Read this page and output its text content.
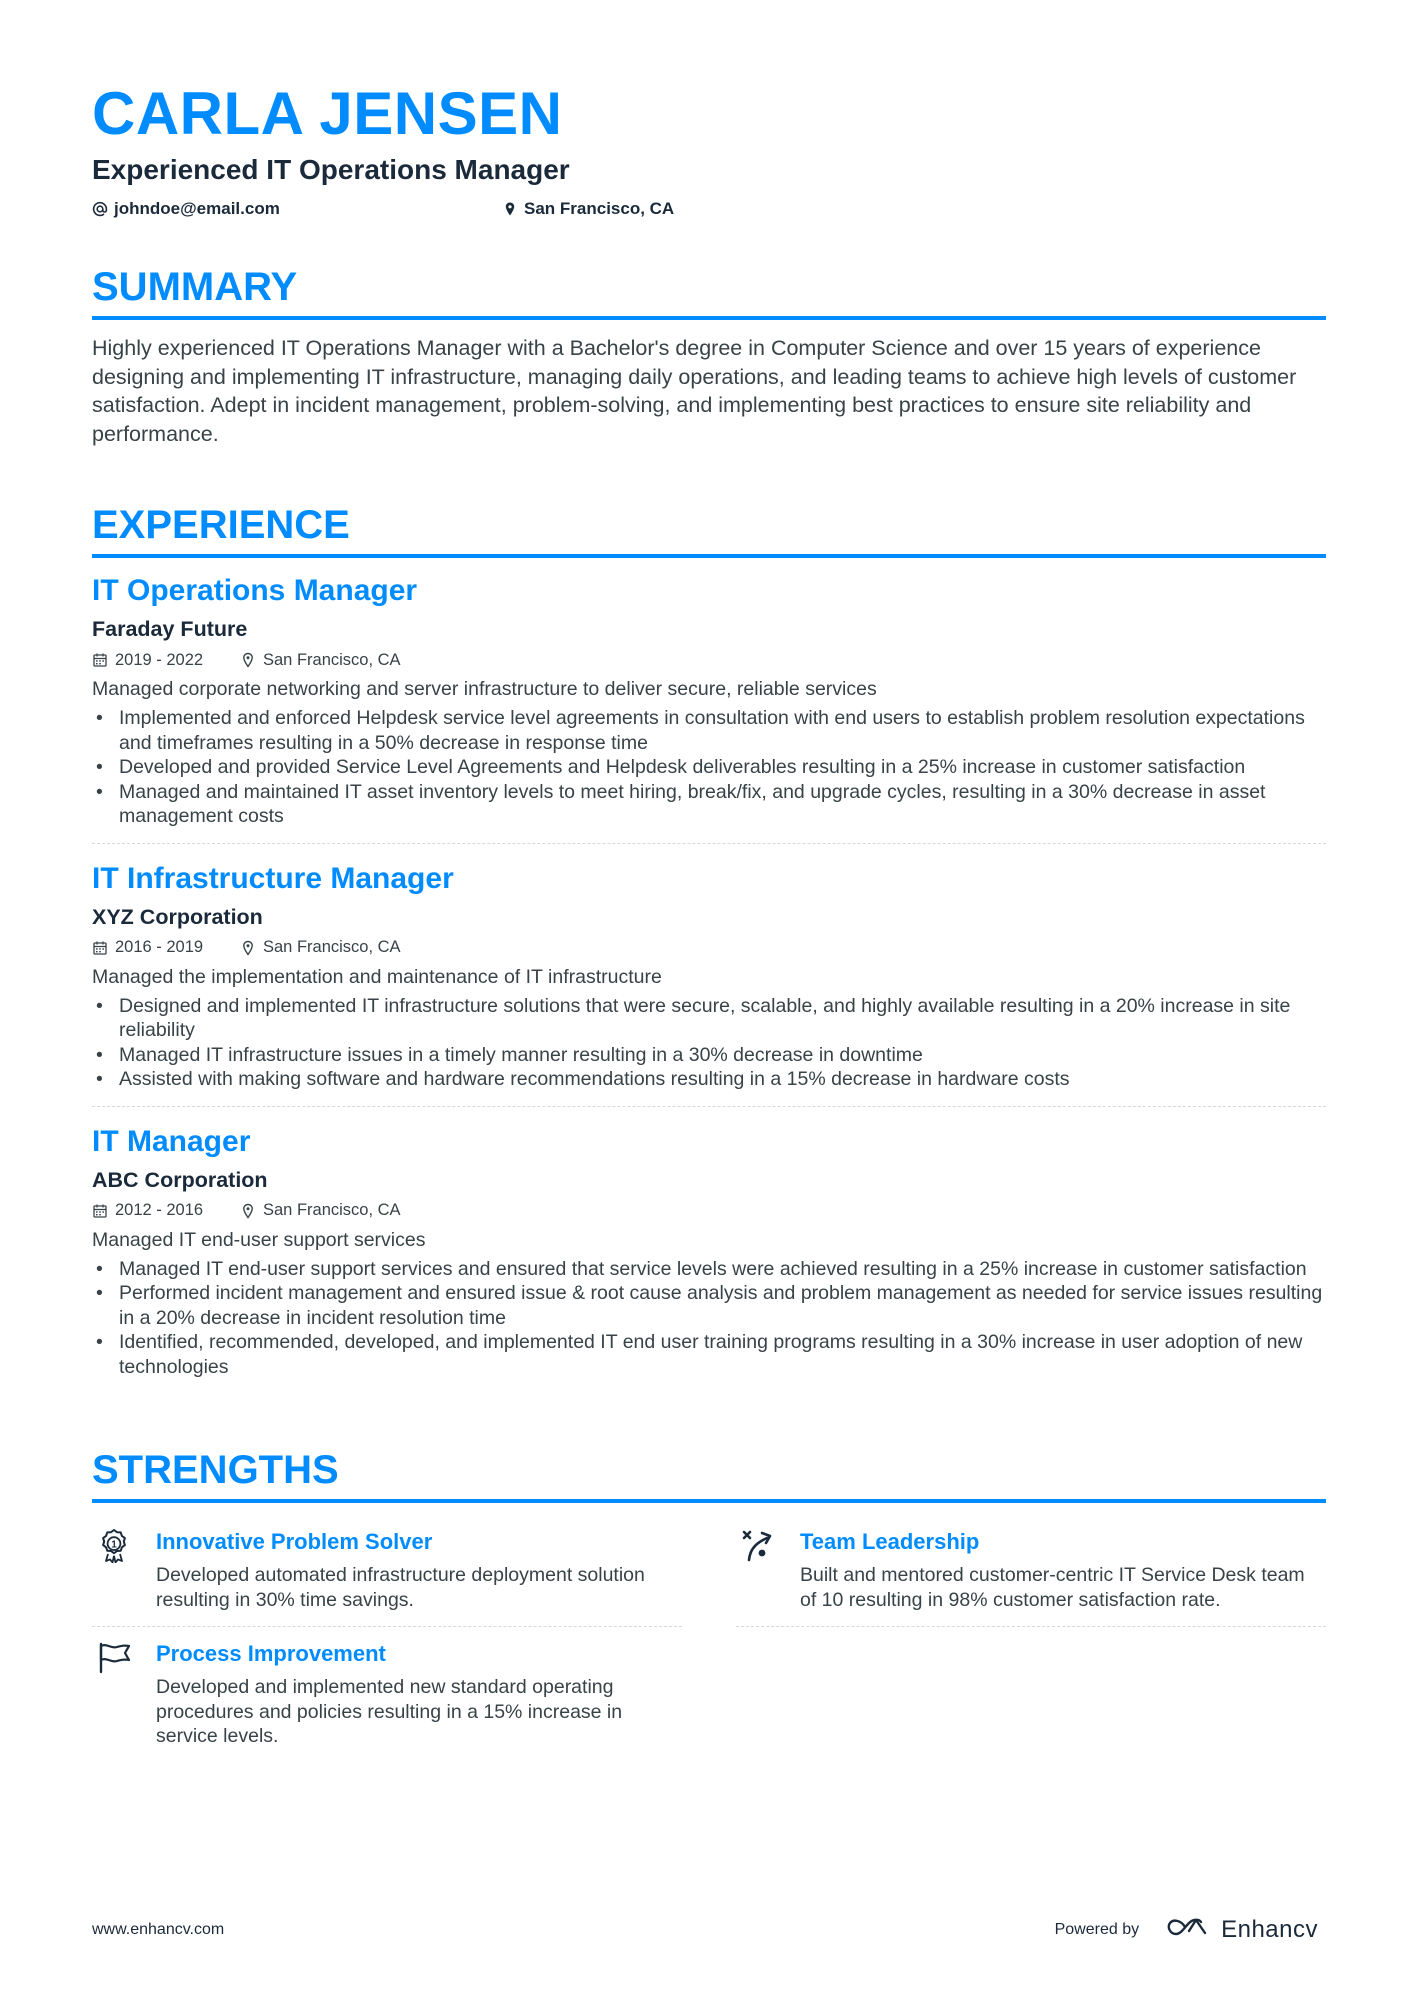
CARLA JENSEN
Experienced IT Operations Manager
johndoe@email.com	San Francisco, CA
SUMMARY

Highly experienced IT Operations Manager with a Bachelor's degree in Computer Science and over 15 years of experience designing and implementing IT infrastructure, managing daily operations, and leading teams to achieve high levels of customer satisfaction. Adept in incident management, problem-solving, and implementing best practices to ensure site reliability and performance.

EXPERIENCE
IT Operations Manager
Faraday Future
2019 - 2022	San Francisco, CA
Managed corporate networking and server infrastructure to deliver secure, reliable services
• Implemented and enforced Helpdesk service level agreements in consultation with end users to establish problem resolution expectations and timeframes resulting in a 50% decrease in response time
• Developed and provided Service Level Agreements and Helpdesk deliverables resulting in a 25% increase in customer satisfaction
• Managed and maintained IT asset inventory levels to meet hiring, break/fix, and upgrade cycles, resulting in a 30% decrease in asset management costs
IT Infrastructure Manager
XYZ Corporation
2016 - 2019	San Francisco, CA
Managed the implementation and maintenance of IT infrastructure
• Designed and implemented IT infrastructure solutions that were secure, scalable, and highly available resulting in a 20% increase in site reliability
• Managed IT infrastructure issues in a timely manner resulting in a 30% decrease in downtime
• Assisted with making software and hardware recommendations resulting in a 15% decrease in hardware costs
IT Manager
ABC Corporation
2012 - 2016	San Francisco, CA
Managed IT end-user support services
• Managed IT end-user support services and ensured that service levels were achieved resulting in a 25% increase in customer satisfaction
• Performed incident management and ensured issue & root cause analysis and problem management as needed for service issues resulting in a 20% decrease in incident resolution time
• Identified, recommended, developed, and implemented IT end user training programs resulting in a 30% increase in user adoption of new technologies
STRENGTHS
1 Innovative Problem Solver
Developed automated infrastructure deployment solution resulting in 30% time savings.
Team Leadership
Built and mentored customer-centric IT Service Desk team of 10 resulting in 98% customer satisfaction rate.
Process Improvement
Developed and implemented new standard operating procedures and policies resulting in a 15% increase in service levels.
www.enhancv.com	Powered by	Enhancv
